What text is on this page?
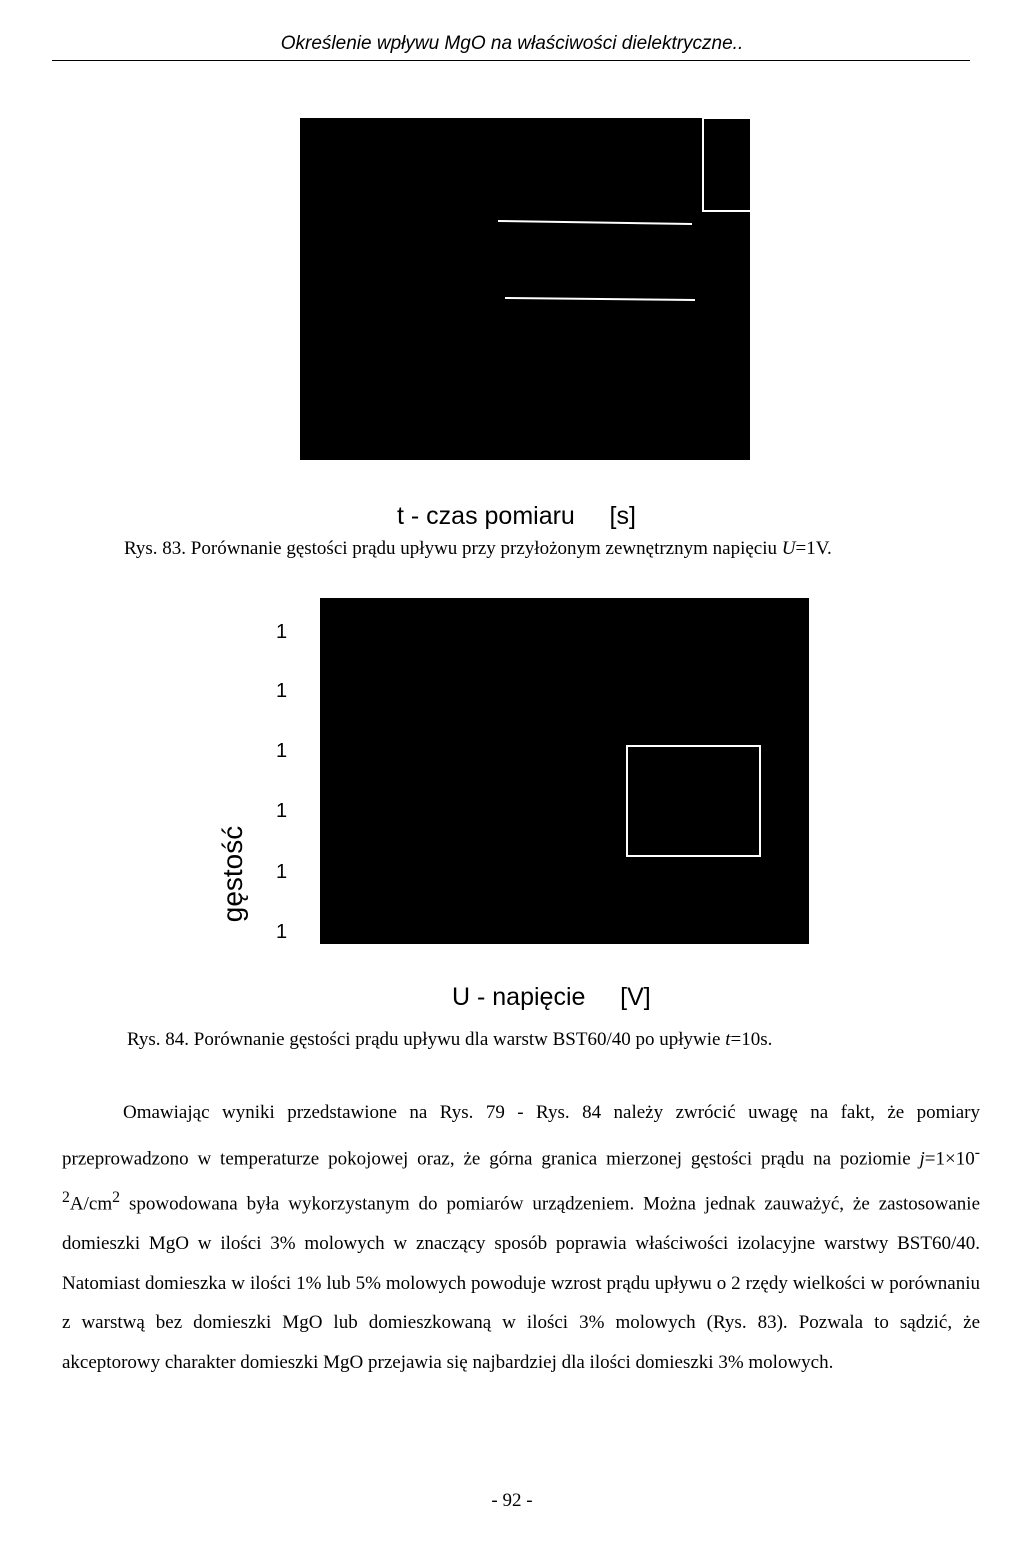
Określenie wpływu MgO na właściwości dielektryczne..
t - czas pomiaru     [s]
Rys. 83. Porównanie gęstości prądu upływu przy przyłożonym zewnętrznym napięciu U=1V.
1
1
1
1
1
1
gęstość
U - napięcie     [V]
Rys. 84. Porównanie gęstości prądu upływu dla warstw BST60/40 po upływie t=10s.

Omawiając wyniki przedstawione na Rys. 79 - Rys. 84 należy zwrócić uwagę na fakt, że pomiary przeprowadzono w temperaturze pokojowej oraz, że górna granica mierzonej gęstości prądu na poziomie $j=1\times 10^{-2}A/cm^2$ spowodowana była wykorzystanym do pomiarów urządzeniem. Można jednak zauważyć, że zastosowanie domieszki MgO w ilości 3% molowych w znaczący sposób poprawia właściwości izolacyjne warstwy BST60/40. Natomiast domieszka w ilości 1% lub 5% molowych powoduje wzrost prądu upływu o 2 rzędy wielkości w porównaniu z warstwą bez domieszki MgO lub domieszkowaną w ilości 3% molowych (Rys. 83). Pozwala to sądzić, że akceptorowy charakter domieszki MgO przejawia się najbardziej dla ilości domieszki 3% molowych.

- 92 -
